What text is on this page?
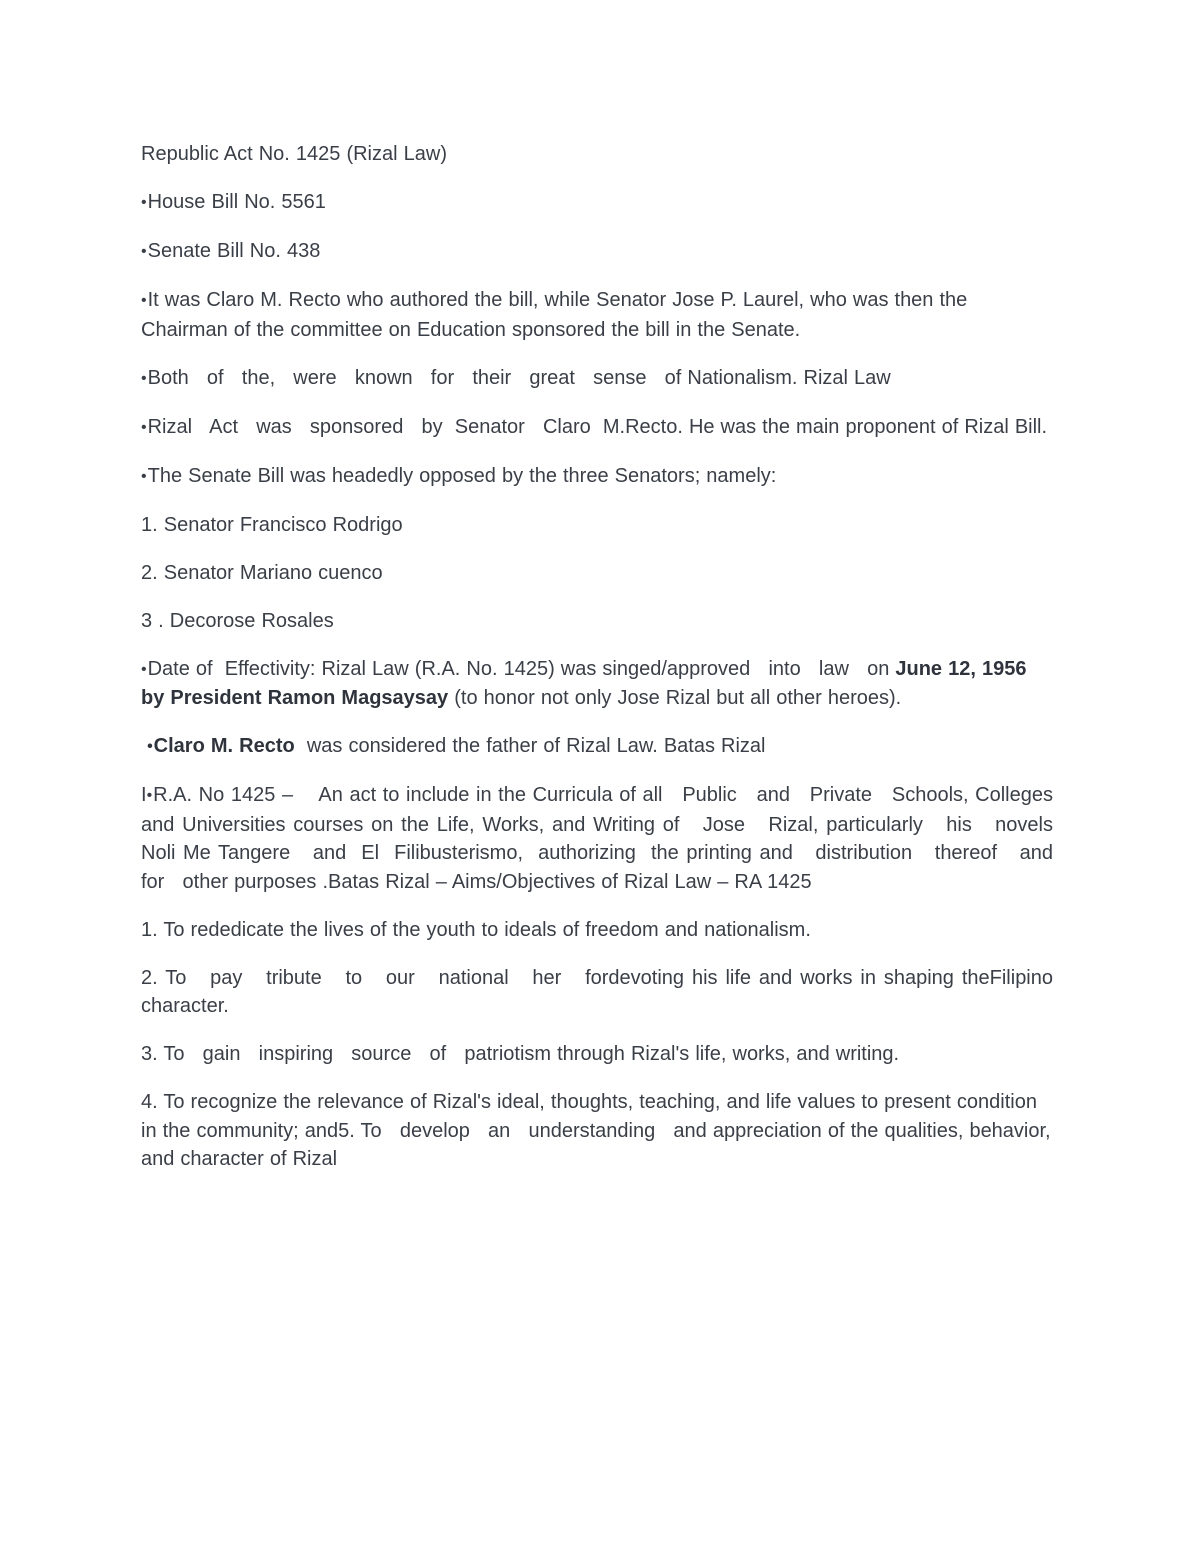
Republic Act No. 1425 (Rizal Law)

•House Bill No. 5561

•Senate Bill No. 438

•It was Claro M. Recto who authored the bill, while Senator Jose P. Laurel, who was then the Chairman of the committee on Education sponsored the bill in the Senate.

•Both   of   the,   were   known   for   their   great   sense   of Nationalism. Rizal Law

•Rizal   Act   was   sponsored   by  Senator   Claro  M.Recto. He was the main proponent of Rizal Bill.

•The Senate Bill was headedly opposed by the three Senators; namely:

1. Senator Francisco Rodrigo

2. Senator Mariano cuenco

3 . Decorose Rosales

•Date of  Effectivity: Rizal Law (R.A. No. 1425) was singed/approved   into   law   on June 12, 1956  by President Ramon Magsaysay (to honor not only Jose Rizal but all other heroes).

•Claro M. Recto  was considered the father of Rizal Law. Batas Rizal

I•R.A. No 1425 –    An act to include in the Curricula of all   Public   and   Private   Schools, Colleges   and Universities courses on the Life, Works, and Writing of   Jose   Rizal, particularly   his   novels   Noli Me Tangere   and  El  Filibusterismo,  authorizing  the printing and   distribution   thereof   and   for   other purposes .Batas Rizal – Aims/Objectives of Rizal Law – RA 1425

1. To rededicate the lives of the youth to ideals of freedom and nationalism.

2. To   pay   tribute   to   our   national   her   fordevoting his life and works in shaping theFilipino character.

3. To   gain   inspiring   source   of   patriotism through Rizal's life, works, and writing.

4. To recognize the relevance of Rizal's ideal, thoughts, teaching, and life values to present condition in the community; and5. To   develop   an   understanding   and appreciation of the qualities, behavior, and character of Rizal
